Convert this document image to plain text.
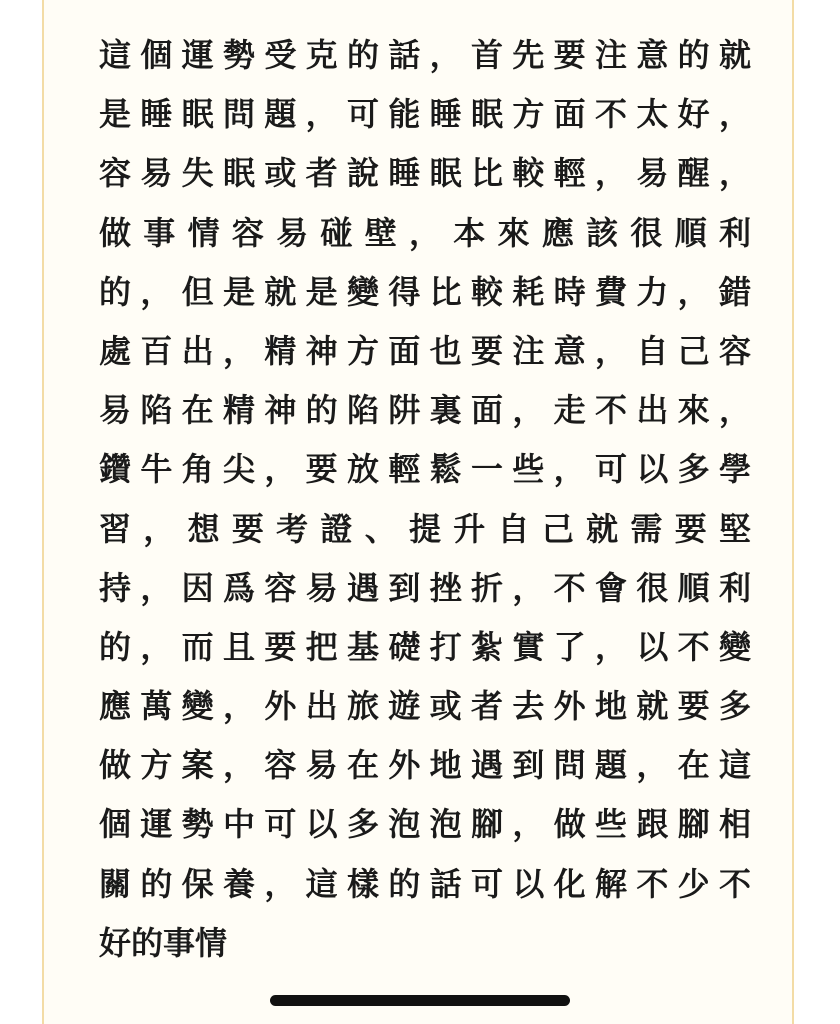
這個運勢受克的話，首先要注意的就
是睡眠問題，可能睡眠方面不太好，
容易失眠或者說睡眠比較輕，易醒，
做事情容易碰壁，本來應該很順利
的，但是就是變得比較耗時費力，錯
處百出，精神方面也要注意，自己容
易陷在精神的陷阱裏面，走不出來，
鑽牛角尖，要放輕鬆一些，可以多學
習，想要考證、提升自己就需要堅
持，因爲容易遇到挫折，不會很順利
的，而且要把基礎打紮實了，以不變
應萬變，外出旅遊或者去外地就要多
做方案，容易在外地遇到問題，在這
個運勢中可以多泡泡腳，做些跟腳相
關的保養，這樣的話可以化解不少不
好的事情
